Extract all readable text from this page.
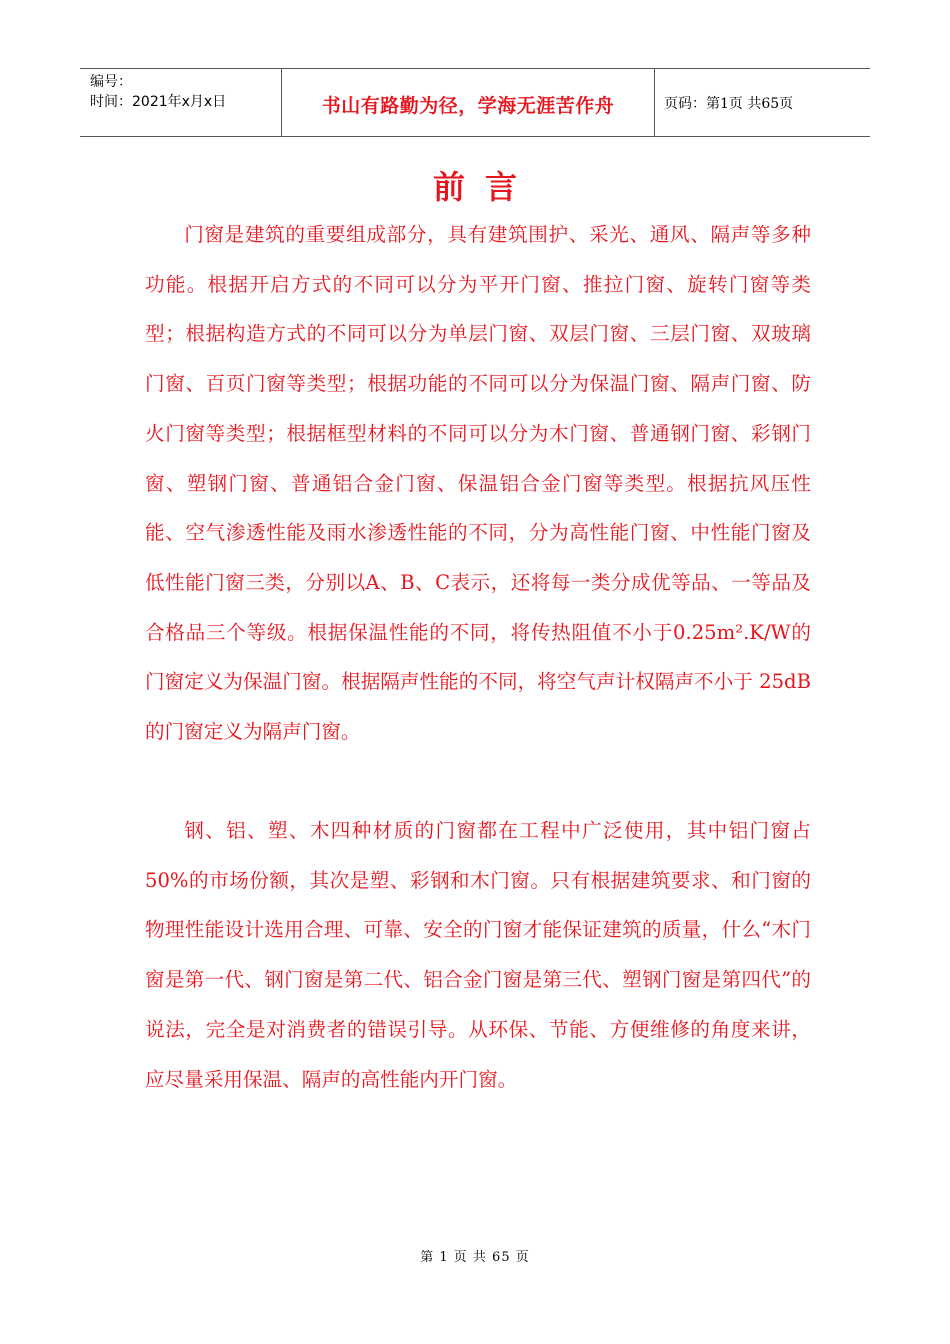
编号：
时间：2021年x月x日	书山有路勤为径，学海无涯苦作舟	页码：第1页 共65页
前言

门窗是建筑的重要组成部分，具有建筑围护、采光、通风、隔声等多种功能。根据开启方式的不同可以分为平开门窗、推拉门窗、旋转门窗等类型；根据构造方式的不同可以分为单层门窗、双层门窗、三层门窗、双玻璃门窗、百页门窗等类型；根据功能的不同可以分为保温门窗、隔声门窗、防火门窗等类型；根据框型材料的不同可以分为木门窗、普通钢门窗、彩钢门窗、塑钢门窗、普通铝合金门窗、保温铝合金门窗等类型。根据抗风压性能、空气渗透性能及雨水渗透性能的不同，分为高性能门窗、中性能门窗及低性能门窗三类，分别以A、B、C表示，还将每一类分成优等品、一等品及合格品三个等级。根据保温性能的不同，将传热阻值不小于0.25m².K/W的门窗定义为保温门窗。根据隔声性能的不同，将空气声计权隔声不小于 25dB的门窗定义为隔声门窗。

钢、铝、塑、木四种材质的门窗都在工程中广泛使用，其中铝门窗占50%的市场份额，其次是塑、彩钢和木门窗。只有根据建筑要求、和门窗的物理性能设计选用合理、可靠、安全的门窗才能保证建筑的质量，什么“木门窗是第一代、钢门窗是第二代、铝合金门窗是第三代、塑钢门窗是第四代”的说法，完全是对消费者的错误引导。从环保、节能、方便维修的角度来讲，应尽量采用保温、隔声的高性能内开门窗。

第 1 页 共 65 页
